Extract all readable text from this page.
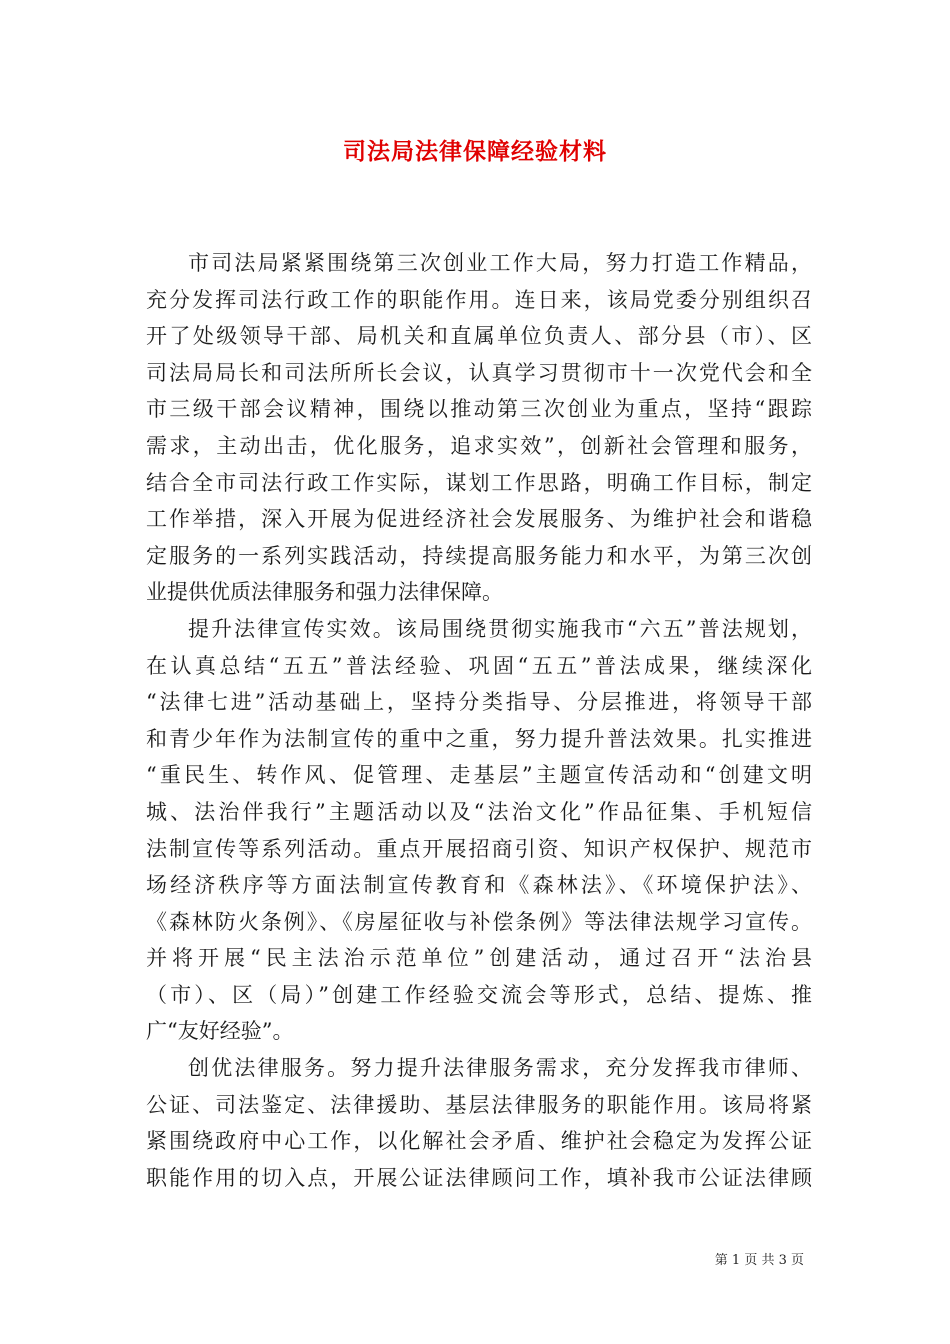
司法局法律保障经验材料
市司法局紧紧围绕第三次创业工作大局，努力打造工作精品，
充分发挥司法行政工作的职能作用。连日来，该局党委分别组织召
开了处级领导干部、局机关和直属单位负责人、部分县（市）、区
司法局局长和司法所所长会议，认真学习贯彻市十一次党代会和全
市三级干部会议精神，围绕以推动第三次创业为重点，坚持“跟踪
需求，主动出击，优化服务，追求实效”，创新社会管理和服务，
结合全市司法行政工作实际，谋划工作思路，明确工作目标，制定
工作举措，深入开展为促进经济社会发展服务、为维护社会和谐稳
定服务的一系列实践活动，持续提高服务能力和水平，为第三次创
业提供优质法律服务和强力法律保障。
提升法律宣传实效。该局围绕贯彻实施我市“六五”普法规划，
在认真总结“五五”普法经验、巩固“五五”普法成果，继续深化
“法律七进”活动基础上，坚持分类指导、分层推进，将领导干部
和青少年作为法制宣传的重中之重，努力提升普法效果。扎实推进
“重民生、转作风、促管理、走基层”主题宣传活动和“创建文明
城、法治伴我行”主题活动以及“法治文化”作品征集、手机短信
法制宣传等系列活动。重点开展招商引资、知识产权保护、规范市
场经济秩序等方面法制宣传教育和《森林法》、《环境保护法》、
《森林防火条例》、《房屋征收与补偿条例》等法律法规学习宣传。
并将开展“民主法治示范单位”创建活动，通过召开“法治县
（市）、区（局）”创建工作经验交流会等形式，总结、提炼、推
广“友好经验”。
创优法律服务。努力提升法律服务需求，充分发挥我市律师、
公证、司法鉴定、法律援助、基层法律服务的职能作用。该局将紧
紧围绕政府中心工作，以化解社会矛盾、维护社会稳定为发挥公证
职能作用的切入点，开展公证法律顾问工作，填补我市公证法律顾
第 1 页 共 3 页
